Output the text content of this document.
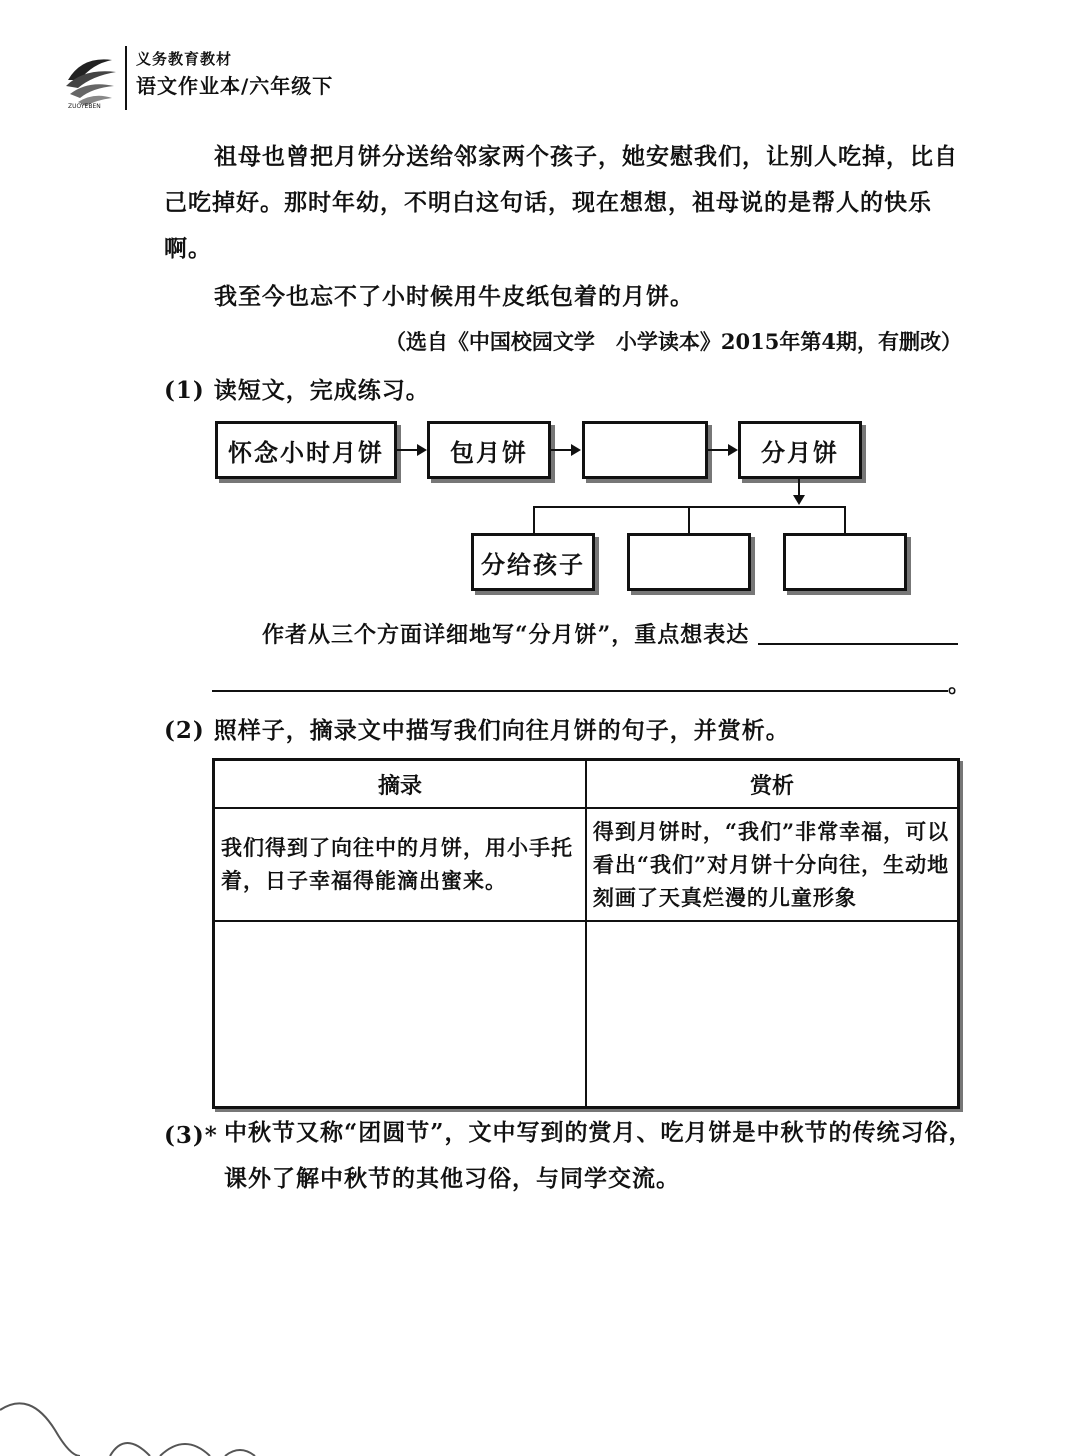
ZUOYEBEN
义务教育教材
语文作业本/六年级下
祖母也曾把月饼分送给邻家两个孩子，她安慰我们，让别人吃掉，比自己吃掉好。那时年幼，不明白这句话，现在想想，祖母说的是帮人的快乐啊。
我至今也忘不了小时候用牛皮纸包着的月饼。
（选自《中国校园文学　小学读本》2015年第4期，有删改）
(1) 读短文，完成练习。
怀念小时月饼	包月饼	分月饼
分给孩子
作者从三个方面详细地写“分月饼”，重点想表达
。
(2) 照样子，摘录文中描写我们向往月饼的句子，并赏析。
摘录	赏析
我们得到了向往中的月饼，用小手托着，日子幸福得能滴出蜜来。	得到月饼时，“我们”非常幸福，可以看出“我们”对月饼十分向往，生动地刻画了天真烂漫的儿童形象

(3)* 中秋节又称“团圆节”，文中写到的赏月、吃月饼是中秋节的传统习俗，课外了解中秋节的其他习俗，与同学交流。
